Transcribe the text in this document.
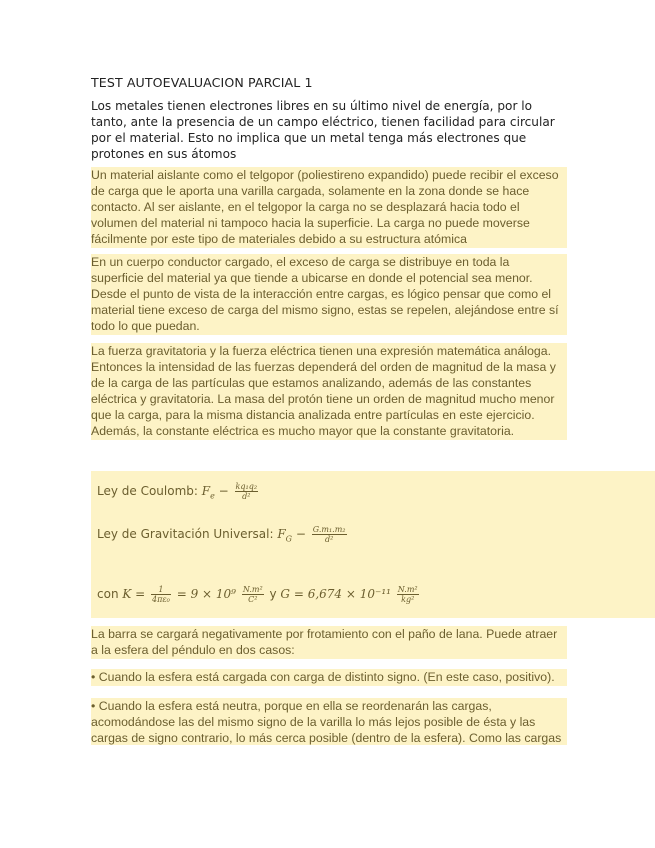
TEST AUTOEVALUACION PARCIAL 1
Los metales tienen electrones libres en su último nivel de energía, por lo tanto, ante la presencia de un campo eléctrico, tienen facilidad para circular por el material. Esto no implica que un metal tenga más electrones que protones en sus átomos
Un material aislante como el telgopor (poliestireno expandido) puede recibir el exceso de carga que le aporta una varilla cargada, solamente en la zona donde se hace contacto. Al ser aislante, en el telgopor la carga no se desplazará hacia todo el volumen del material ni tampoco hacia la superficie. La carga no puede moverse fácilmente por este tipo de materiales debido a su estructura atómica
En un cuerpo conductor cargado, el exceso de carga se distribuye en toda la superficie del material ya que tiende a ubicarse en donde el potencial sea menor. Desde el punto de vista de la interacción entre cargas, es lógico pensar que como el material tiene exceso de carga del mismo signo, estas se repelen, alejándose entre sí todo lo que puedan.
La fuerza gravitatoria y la fuerza eléctrica tienen una expresión matemática análoga. Entonces la intensidad de las fuerzas dependerá del orden de magnitud de la masa y de la carga de las partículas que estamos analizando, además de las constantes eléctrica y gravitatoria. La masa del protón tiene un orden de magnitud mucho menor que la carga, para la misma distancia analizada entre partículas en este ejercicio. Además, la constante eléctrica es mucho mayor que la constante gravitatoria.
Ley de Coulomb: $F_e - \frac{\text{kq₁q₂}}{\text{d²}}$
Ley de Gravitación Universal: $F_G - \frac{\text{G.m₁.m₂}}{\text{d²}}$
con $K = \frac{1}{\text{4πε₀}} = 9 \times 10^9 \frac{\text{N.m²}}{\text{C²}}$ y $G = 6,674 \times 10^{-11} \frac{\text{N.m²}}{\text{kg²}}$
La barra se cargará negativamente por frotamiento con el paño de lana. Puede atraer a la esfera del péndulo en dos casos:
• Cuando la esfera está cargada con carga de distinto signo. (En este caso, positivo).
• Cuando la esfera está neutra, porque en ella se reordenarán las cargas, acomodándose las del mismo signo de la varilla lo más lejos posible de ésta y las cargas de signo contrario, lo más cerca posible (dentro de la esfera). Como las cargas
